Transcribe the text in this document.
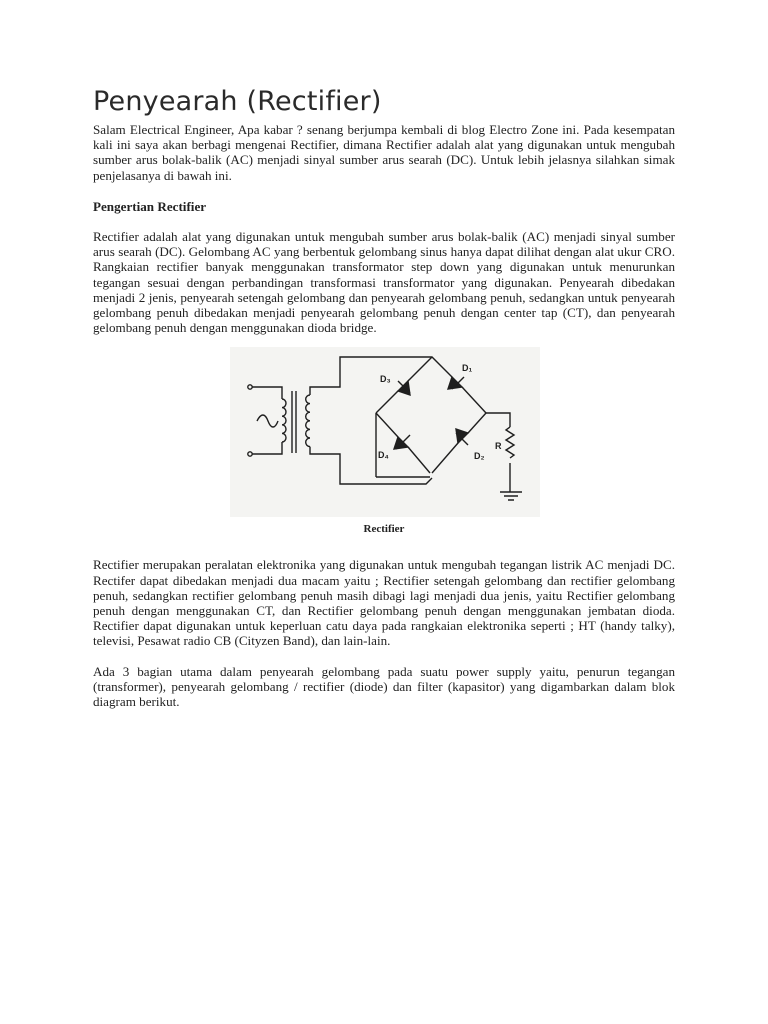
Penyearah (Rectifier)

Salam Electrical Engineer, Apa kabar ? senang berjumpa kembali di blog Electro Zone ini. Pada kesempatan kali ini saya akan berbagi mengenai Rectifier, dimana Rectifier adalah alat yang digunakan untuk mengubah sumber arus bolak-balik (AC) menjadi sinyal sumber arus searah (DC). Untuk lebih jelasnya silahkan simak penjelasanya di bawah ini.

Pengertian Rectifier

Rectifier adalah alat yang digunakan untuk mengubah sumber arus bolak-balik (AC) menjadi sinyal sumber arus searah (DC). Gelombang AC yang berbentuk gelombang sinus hanya dapat dilihat dengan alat ukur CRO. Rangkaian rectifier banyak menggunakan transformator step down yang digunakan untuk menurunkan tegangan sesuai dengan perbandingan transformasi transformator yang digunakan. Penyearah dibedakan menjadi 2 jenis, penyearah setengah gelombang dan penyearah gelombang penuh, sedangkan untuk penyearah gelombang penuh dibedakan menjadi penyearah gelombang penuh dengan center tap (CT), dan penyearah gelombang penuh dengan menggunakan dioda bridge.

D₃
D₁
D₄	D₂
R
Rectifier

Rectifier merupakan peralatan elektronika yang digunakan untuk mengubah tegangan listrik AC menjadi DC. Rectifer dapat dibedakan menjadi dua macam yaitu ; Rectifier setengah gelombang dan rectifier gelombang penuh, sedangkan rectifier gelombang penuh masih dibagi lagi menjadi dua jenis, yaitu Rectifier gelombang penuh dengan menggunakan CT, dan Rectifier gelombang penuh dengan menggunakan jembatan dioda. Rectifier dapat digunakan untuk keperluan catu daya pada rangkaian elektronika seperti ; HT (handy talky), televisi, Pesawat radio CB (Cityzen Band), dan lain-lain.

Ada 3 bagian utama dalam penyearah gelombang pada suatu power supply yaitu, penurun tegangan (transformer), penyearah gelombang / rectifier (diode) dan filter (kapasitor) yang digambarkan dalam blok diagram berikut.
